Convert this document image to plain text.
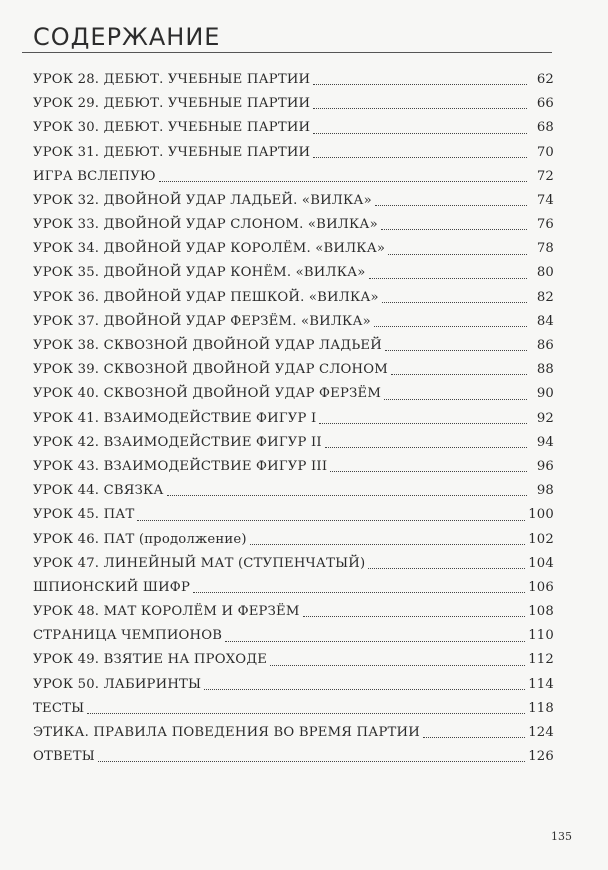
СОДЕРЖАНИЕ
УРОК 28. ДЕБЮТ. УЧЕБНЫЕ ПАРТИИ	62
УРОК 29. ДЕБЮТ. УЧЕБНЫЕ ПАРТИИ	66
УРОК 30. ДЕБЮТ. УЧЕБНЫЕ ПАРТИИ	68
УРОК 31. ДЕБЮТ. УЧЕБНЫЕ ПАРТИИ	70
ИГРА ВСЛЕПУЮ	72
УРОК 32. ДВОЙНОЙ УДАР ЛАДЬЕЙ. «ВИЛКА»	74
УРОК 33. ДВОЙНОЙ УДАР СЛОНОМ. «ВИЛКА»	76
УРОК 34. ДВОЙНОЙ УДАР КОРОЛЁМ. «ВИЛКА»	78
УРОК 35. ДВОЙНОЙ УДАР КОНЁМ. «ВИЛКА»	80
УРОК 36. ДВОЙНОЙ УДАР ПЕШКОЙ. «ВИЛКА»	82
УРОК 37. ДВОЙНОЙ УДАР ФЕРЗЁМ. «ВИЛКА»	84
УРОК 38. СКВОЗНОЙ ДВОЙНОЙ УДАР ЛАДЬЕЙ	86
УРОК 39. СКВОЗНОЙ ДВОЙНОЙ УДАР СЛОНОМ	88
УРОК 40. СКВОЗНОЙ ДВОЙНОЙ УДАР ФЕРЗЁМ	90
УРОК 41. ВЗАИМОДЕЙСТВИЕ ФИГУР I	92
УРОК 42. ВЗАИМОДЕЙСТВИЕ ФИГУР II	94
УРОК 43. ВЗАИМОДЕЙСТВИЕ ФИГУР III	96
УРОК 44. СВЯЗКА	98
УРОК 45. ПАТ	100
УРОК 46. ПАТ (продолжение)	102
УРОК 47. ЛИНЕЙНЫЙ МАТ (СТУПЕНЧАТЫЙ)	104
ШПИОНСКИЙ ШИФР	106
УРОК 48. МАТ КОРОЛЁМ И ФЕРЗЁМ	108
СТРАНИЦА ЧЕМПИОНОВ	110
УРОК 49. ВЗЯТИЕ НА ПРОХОДЕ	112
УРОК 50. ЛАБИРИНТЫ	114
ТЕСТЫ	118
ЭТИКА. ПРАВИЛА ПОВЕДЕНИЯ ВО ВРЕМЯ ПАРТИИ	124
ОТВЕТЫ	126
135
